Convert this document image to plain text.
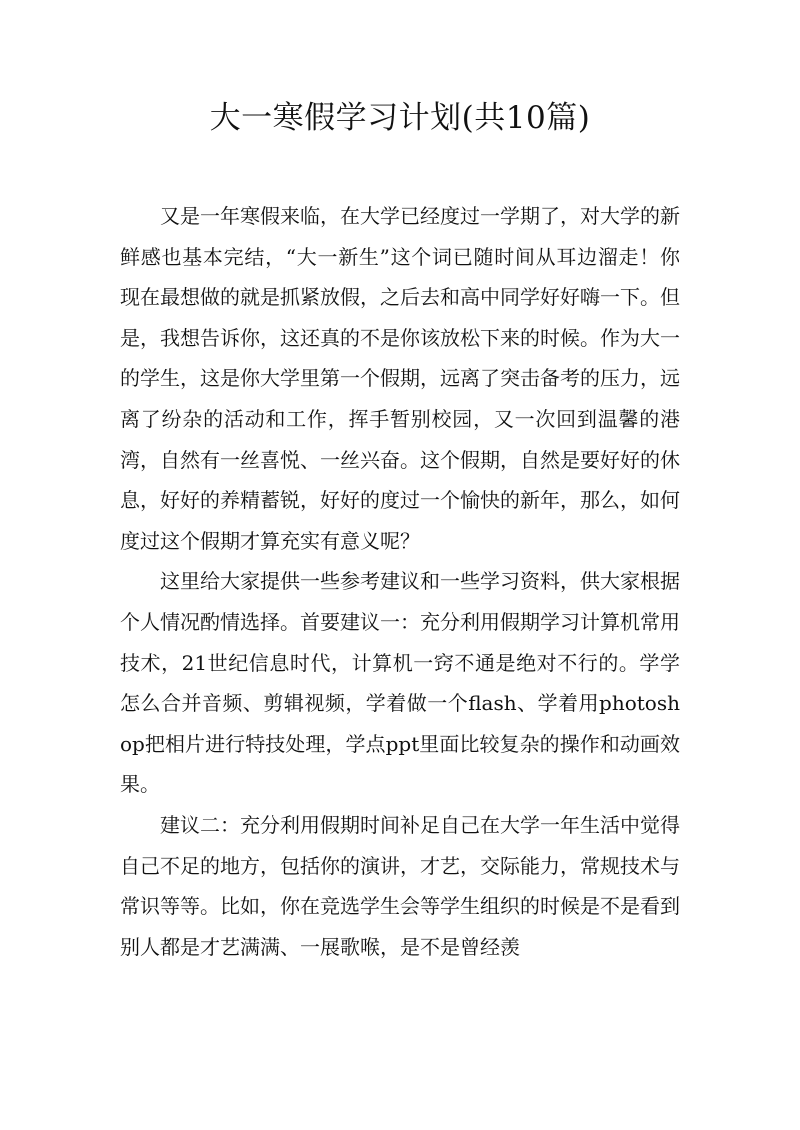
大一寒假学习计划(共10篇)

又是一年寒假来临，在大学已经度过一学期了，对大学的新鲜感也基本完结，“大一新生”这个词已随时间从耳边溜走！你现在最想做的就是抓紧放假，之后去和高中同学好好嗨一下。但是，我想告诉你，这还真的不是你该放松下来的时候。作为大一的学生，这是你大学里第一个假期，远离了突击备考的压力，远离了纷杂的活动和工作，挥手暂别校园，又一次回到温馨的港湾，自然有一丝喜悦、一丝兴奋。这个假期，自然是要好好的休息，好好的养精蓄锐，好好的度过一个愉快的新年，那么，如何度过这个假期才算充实有意义呢？

这里给大家提供一些参考建议和一些学习资料，供大家根据个人情况酌情选择。首要建议一：充分利用假期学习计算机常用技术，21世纪信息时代，计算机一窍不通是绝对不行的。学学怎么合并音频、剪辑视频，学着做一个flash、学着用photoshop把相片进行特技处理，学点ppt里面比较复杂的操作和动画效果。

建议二：充分利用假期时间补足自己在大学一年生活中觉得自己不足的地方，包括你的演讲，才艺，交际能力，常规技术与常识等等。比如，你在竞选学生会等学生组织的时候是不是看到别人都是才艺满满、一展歌喉，是不是曾经羡
